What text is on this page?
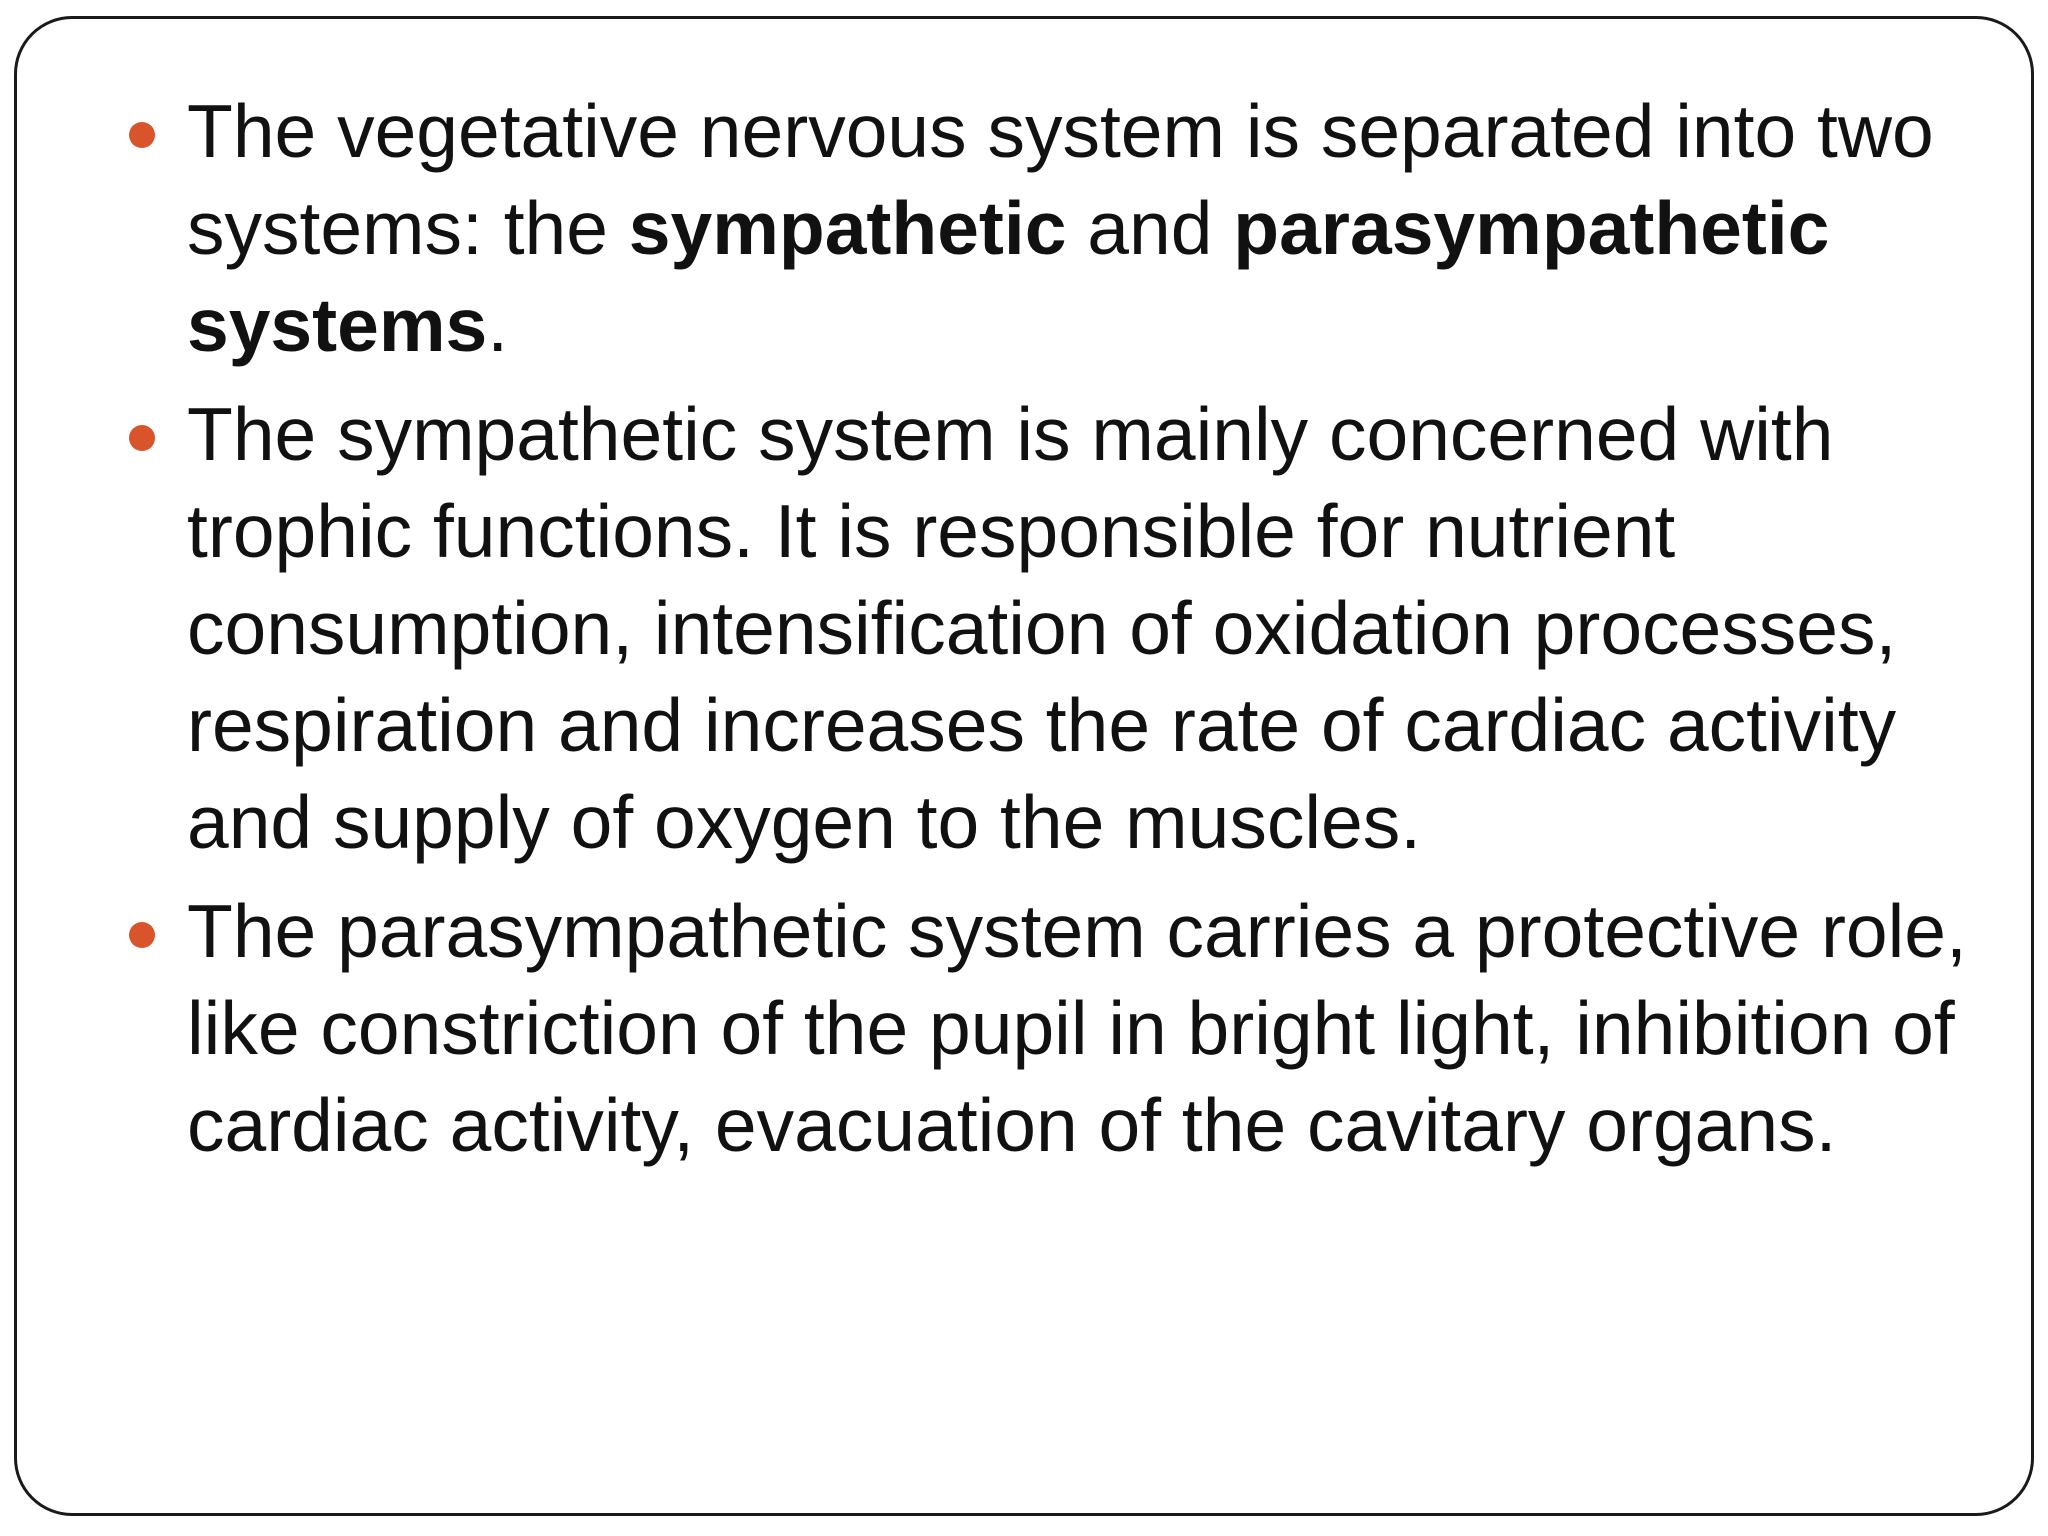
The vegetative nervous system is separated into two systems: the sympathetic and parasympathetic systems.
The sympathetic system is mainly concerned with trophic functions. It is responsible for nutrient consumption, intensification of oxidation processes, respiration and increases the rate of cardiac activity and supply of oxygen to the muscles.
The parasympathetic system carries a protective role, like constriction of the pupil in bright light, inhibition of cardiac activity, evacuation of the cavitary organs.
